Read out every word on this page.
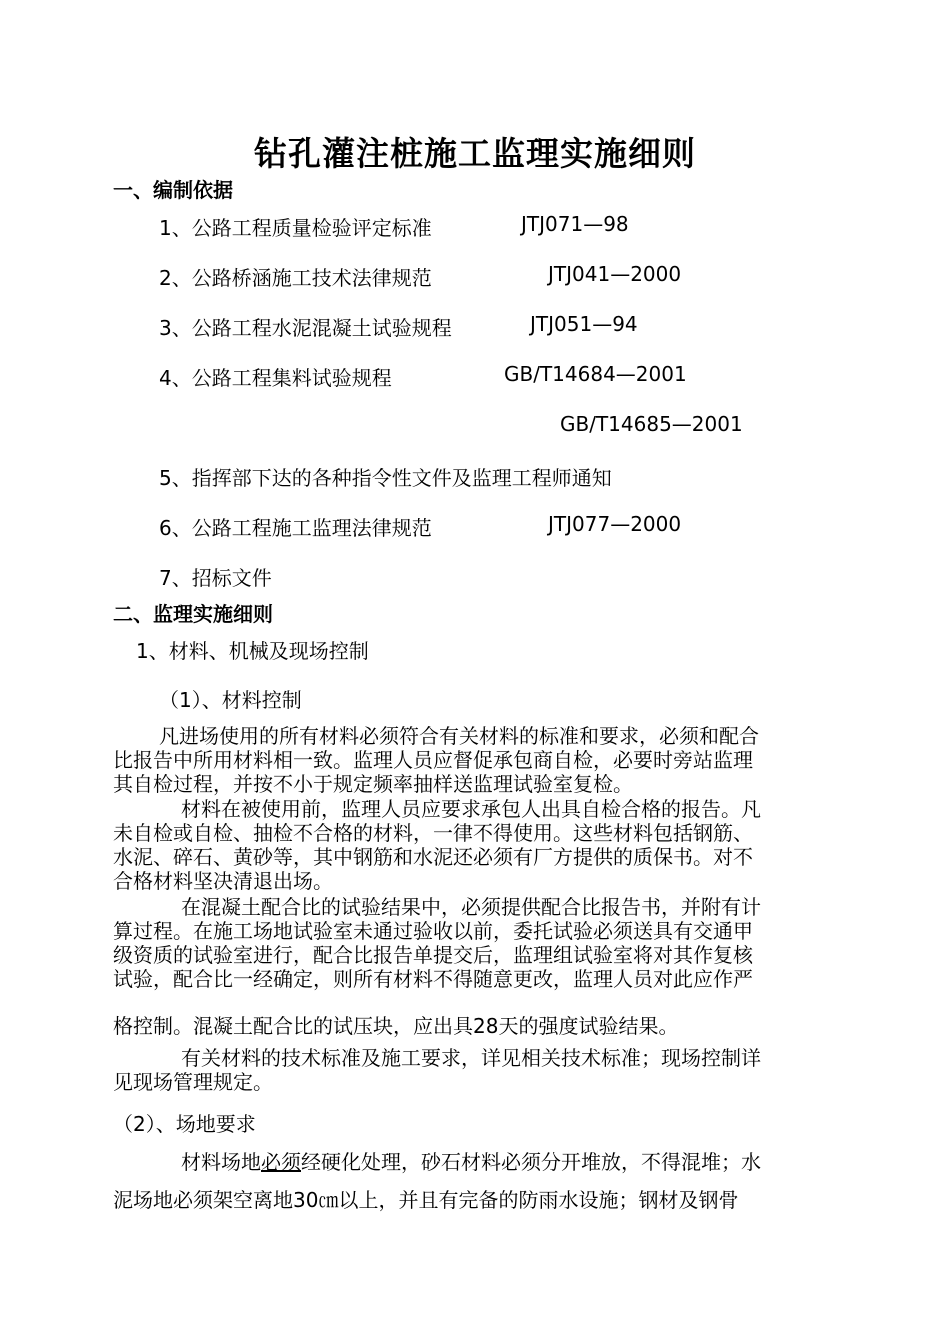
钻孔灌注桩施工监理实施细则
一、编制依据
1、公路工程质量检验评定标准	JTJ071—98
2、公路桥涵施工技术法律规范	JTJ041—2000
3、公路工程水泥混凝土试验规程	JTJ051—94
4、公路工程集料试验规程	GB/T14684—2001
GB/T14685—2001
5、指挥部下达的各种指令性文件及监理工程师通知
6、公路工程施工监理法律规范	JTJ077—2000
7、招标文件
二、监理实施细则
1、材料、机械及现场控制
（1）、材料控制
凡进场使用的所有材料必须符合有关材料的标准和要求，必须和配合
比报告中所用材料相一致。监理人员应督促承包商自检，必要时旁站监理
其自检过程，并按不小于规定频率抽样送监理试验室复检。
材料在被使用前，监理人员应要求承包人出具自检合格的报告。凡
未自检或自检、抽检不合格的材料，一律不得使用。这些材料包括钢筋、
水泥、碎石、黄砂等，其中钢筋和水泥还必须有厂方提供的质保书。对不
合格材料坚决清退出场。
在混凝土配合比的试验结果中，必须提供配合比报告书，并附有计
算过程。在施工场地试验室未通过验收以前，委托试验必须送具有交通甲
级资质的试验室进行，配合比报告单提交后，监理组试验室将对其作复核
试验，配合比一经确定，则所有材料不得随意更改，监理人员对此应作严
格控制。混凝土配合比的试压块，应出具28天的强度试验结果。
有关材料的技术标准及施工要求，详见相关技术标准；现场控制详
见现场管理规定。
（2）、场地要求
材料场地必须经硬化处理，砂石材料必须分开堆放，不得混堆；水
泥场地必须架空离地30㎝以上，并且有完备的防雨水设施；钢材及钢骨
